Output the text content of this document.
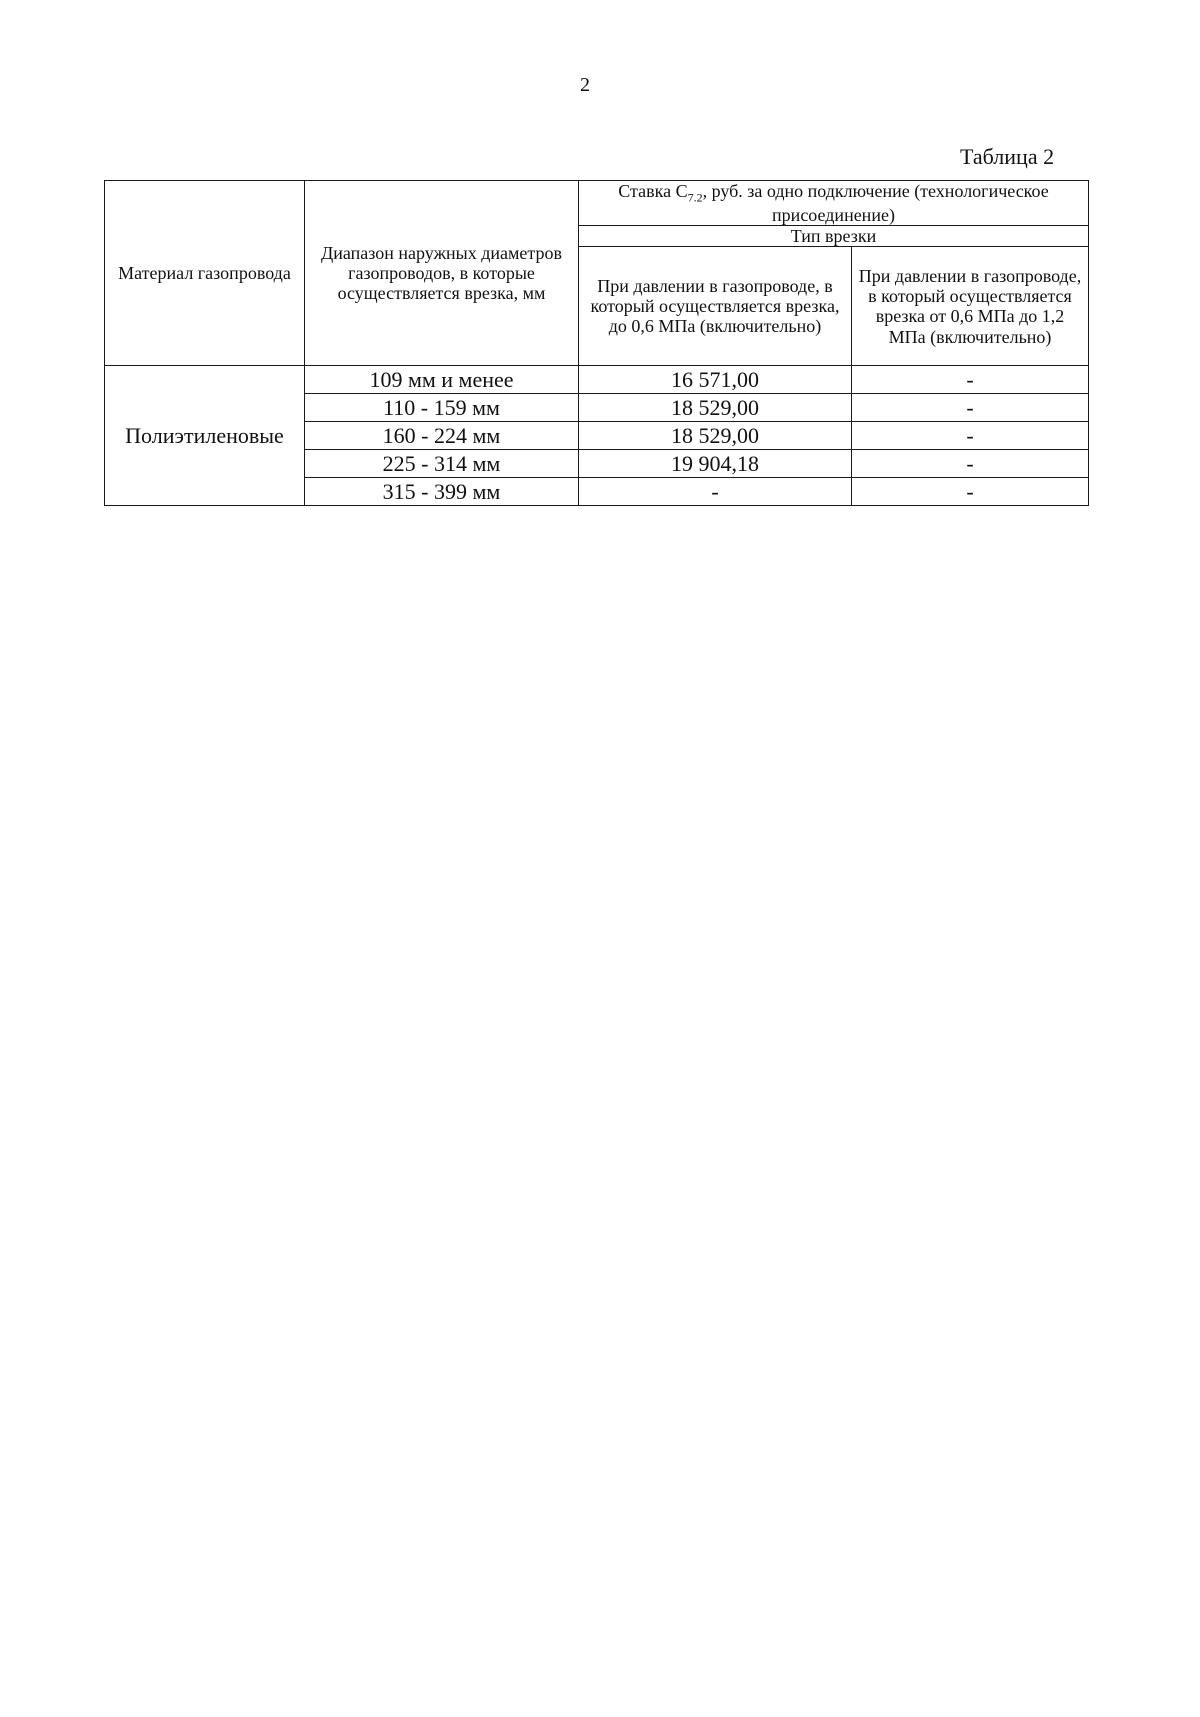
2
Таблица 2
Материал газопровода	Диапазон наружных диаметров газопроводов, в которые осуществляется врезка, мм	Ставка $C_{7.2}$, руб. за одно подключение (технологическое присоединение)	
		Тип врезки	
		При давлении в газопроводе, в который осуществляется врезка, до 0,6 МПа (включительно)	При давлении в газопроводе, в который осуществляется врезка от 0,6 МПа до 1,2 МПа (включительно)
Полиэтиленовые	109 мм и менее	16 571,00	-
	110 - 159 мм	18 529,00	-
	160 - 224 мм	18 529,00	-
	225 - 314 мм	19 904,18	-
	315 - 399 мм	-	-
